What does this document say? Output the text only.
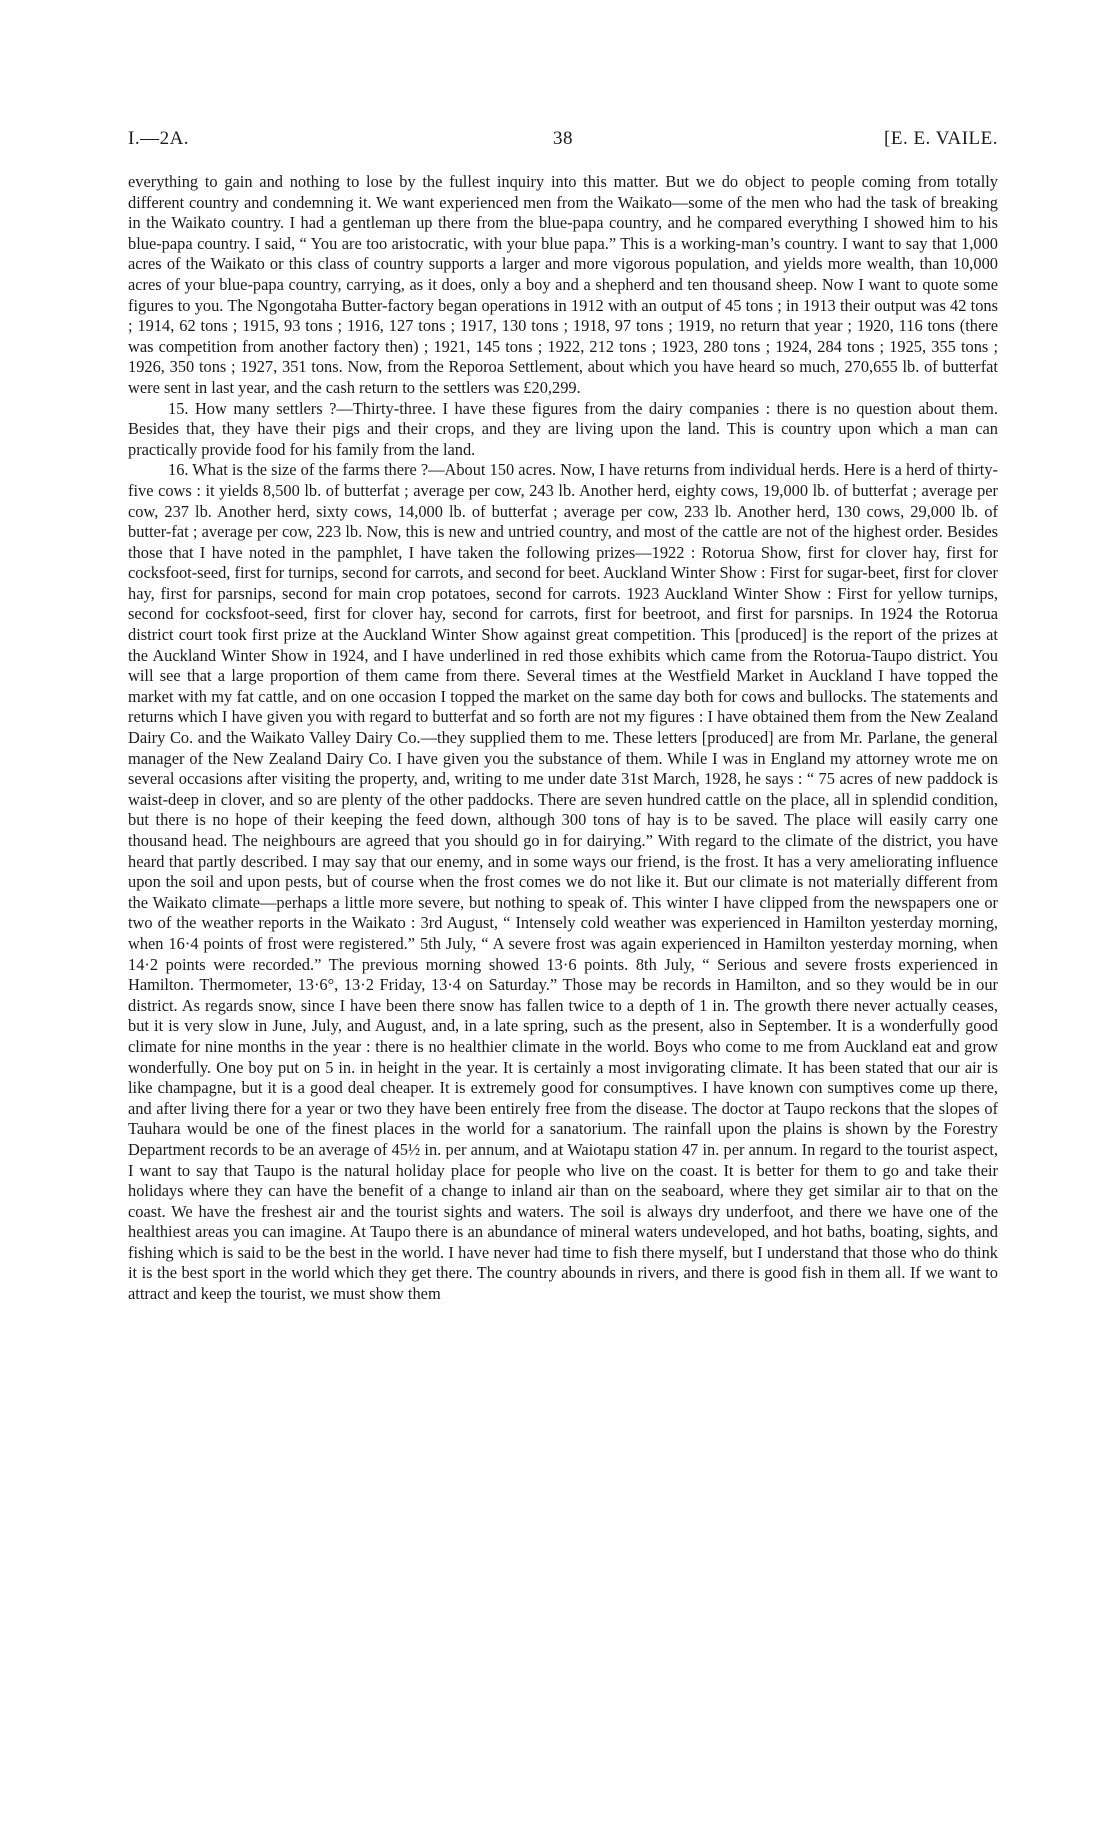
I.—2A.	38	[E. E. VAILE.

everything to gain and nothing to lose by the fullest inquiry into this matter. But we do object to people coming from totally different country and condemning it. We want experienced men from the Waikato—some of the men who had the task of breaking in the Waikato country. I had a gentleman up there from the blue-papa country, and he compared everything I showed him to his blue-papa country. I said, “ You are too aristocratic, with your blue papa.” This is a working-man’s country. I want to say that 1,000 acres of the Waikato or this class of country supports a larger and more vigorous population, and yields more wealth, than 10,000 acres of your blue-papa country, carrying, as it does, only a boy and a shepherd and ten thousand sheep. Now I want to quote some figures to you. The Ngongotaha Butter-factory began operations in 1912 with an output of 45 tons ; in 1913 their output was 42 tons ; 1914, 62 tons ; 1915, 93 tons ; 1916, 127 tons ; 1917, 130 tons ; 1918, 97 tons ; 1919, no return that year ; 1920, 116 tons (there was competition from another factory then) ; 1921, 145 tons ; 1922, 212 tons ; 1923, 280 tons ; 1924, 284 tons ; 1925, 355 tons ; 1926, 350 tons ; 1927, 351 tons. Now, from the Reporoa Settlement, about which you have heard so much, 270,655 lb. of butterfat were sent in last year, and the cash return to the settlers was £20,299.

15. How many settlers ?—Thirty-three. I have these figures from the dairy companies : there is no question about them. Besides that, they have their pigs and their crops, and they are living upon the land. This is country upon which a man can practically provide food for his family from the land.

16. What is the size of the farms there ?—About 150 acres. Now, I have returns from individual herds. Here is a herd of thirty-five cows : it yields 8,500 lb. of butterfat ; average per cow, 243 lb. Another herd, eighty cows, 19,000 lb. of butterfat ; average per cow, 237 lb. Another herd, sixty cows, 14,000 lb. of butterfat ; average per cow, 233 lb. Another herd, 130 cows, 29,000 lb. of butter-fat ; average per cow, 223 lb. Now, this is new and untried country, and most of the cattle are not of the highest order. Besides those that I have noted in the pamphlet, I have taken the following prizes—1922 : Rotorua Show, first for clover hay, first for cocksfoot-seed, first for turnips, second for carrots, and second for beet. Auckland Winter Show : First for sugar-beet, first for clover hay, first for parsnips, second for main crop potatoes, second for carrots. 1923 Auckland Winter Show : First for yellow turnips, second for cocksfoot-seed, first for clover hay, second for carrots, first for beetroot, and first for parsnips. In 1924 the Rotorua district court took first prize at the Auckland Winter Show against great competition. This [produced] is the report of the prizes at the Auckland Winter Show in 1924, and I have underlined in red those exhibits which came from the Rotorua-Taupo district. You will see that a large proportion of them came from there. Several times at the Westfield Market in Auckland I have topped the market with my fat cattle, and on one occasion I topped the market on the same day both for cows and bullocks. The statements and returns which I have given you with regard to butterfat and so forth are not my figures : I have obtained them from the New Zealand Dairy Co. and the Waikato Valley Dairy Co.—they supplied them to me. These letters [produced] are from Mr. Parlane, the general manager of the New Zealand Dairy Co. I have given you the substance of them. While I was in England my attorney wrote me on several occasions after visiting the property, and, writing to me under date 31st March, 1928, he says : “ 75 acres of new paddock is waist-deep in clover, and so are plenty of the other paddocks. There are seven hundred cattle on the place, all in splendid condition, but there is no hope of their keeping the feed down, although 300 tons of hay is to be saved. The place will easily carry one thousand head. The neighbours are agreed that you should go in for dairying.” With regard to the climate of the district, you have heard that partly described. I may say that our enemy, and in some ways our friend, is the frost. It has a very ameliorating influence upon the soil and upon pests, but of course when the frost comes we do not like it. But our climate is not materially different from the Waikato climate—perhaps a little more severe, but nothing to speak of. This winter I have clipped from the newspapers one or two of the weather reports in the Waikato : 3rd August, “ Intensely cold weather was experienced in Hamilton yesterday morning, when 16·4 points of frost were registered.” 5th July, “ A severe frost was again experienced in Hamilton yesterday morning, when 14·2 points were recorded.” The previous morning showed 13·6 points. 8th July, “ Serious and severe frosts experienced in Hamilton. Thermometer, 13·6°, 13·2 Friday, 13·4 on Saturday.” Those may be records in Hamilton, and so they would be in our district. As regards snow, since I have been there snow has fallen twice to a depth of 1 in. The growth there never actually ceases, but it is very slow in June, July, and August, and, in a late spring, such as the present, also in September. It is a wonderfully good climate for nine months in the year : there is no healthier climate in the world. Boys who come to me from Auckland eat and grow wonderfully. One boy put on 5 in. in height in the year. It is certainly a most invigorating climate. It has been stated that our air is like champagne, but it is a good deal cheaper. It is extremely good for consumptives. I have known con sumptives come up there, and after living there for a year or two they have been entirely free from the disease. The doctor at Taupo reckons that the slopes of Tauhara would be one of the finest places in the world for a sanatorium. The rainfall upon the plains is shown by the Forestry Department records to be an average of 45½ in. per annum, and at Waiotapu station 47 in. per annum. In regard to the tourist aspect, I want to say that Taupo is the natural holiday place for people who live on the coast. It is better for them to go and take their holidays where they can have the benefit of a change to inland air than on the seaboard, where they get similar air to that on the coast. We have the freshest air and the tourist sights and waters. The soil is always dry underfoot, and there we have one of the healthiest areas you can imagine. At Taupo there is an abundance of mineral waters undeveloped, and hot baths, boating, sights, and fishing which is said to be the best in the world. I have never had time to fish there myself, but I understand that those who do think it is the best sport in the world which they get there. The country abounds in rivers, and there is good fish in them all. If we want to attract and keep the tourist, we must show them
